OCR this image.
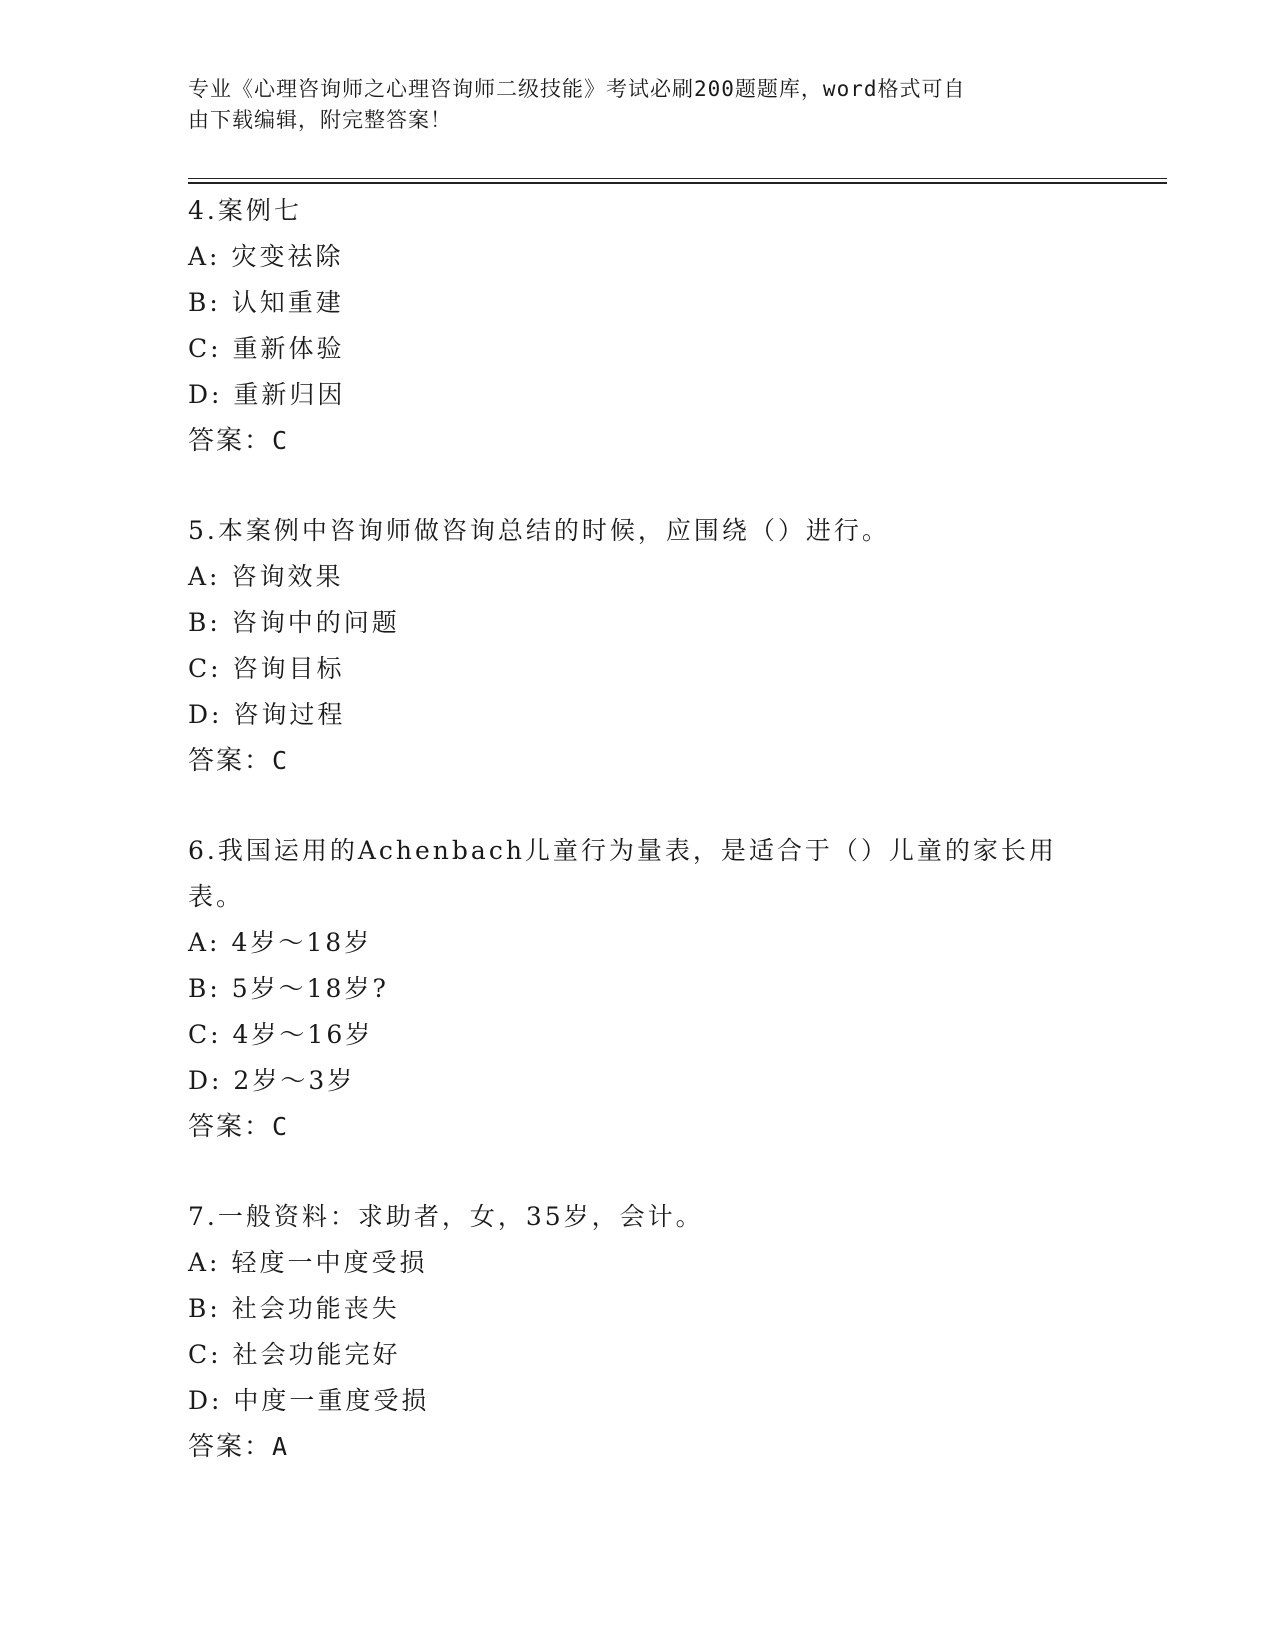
专业《心理咨询师之心理咨询师二级技能》考试必刷200题题库，word格式可自
由下载编辑，附完整答案！
4.案例七
A: 灾变祛除
B: 认知重建
C: 重新体验
D: 重新归因
答案：C
5.本案例中咨询师做咨询总结的时候，应围绕（）进行。
A: 咨询效果
B: 咨询中的问题
C: 咨询目标
D: 咨询过程
答案：C
6.我国运用的Achenbach儿童行为量表，是适合于（）儿童的家长用表。
A: 4岁～18岁
B: 5岁～18岁?
C: 4岁～16岁
D: 2岁～3岁
答案：C
7.一般资料：求助者，女，35岁，会计。
A: 轻度一中度受损
B: 社会功能丧失
C: 社会功能完好
D: 中度一重度受损
答案：A
